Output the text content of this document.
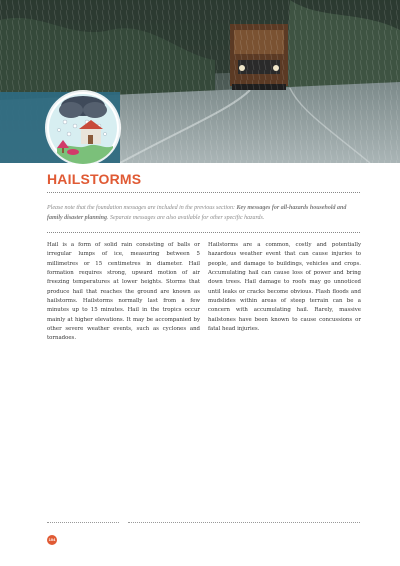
HAILSTORMS

Please note that the foundation messages are included in the previous section: Key messages for all-hazards household and family disaster planning. Separate messages are also available for other specific hazards.

Hail is a form of solid rain consisting of balls or irregular lumps of ice, measuring between 5 millimetres or 15 centimetres in diameter. Hail formation requires strong, upward motion of air freezing temperatures at lower heights. Storms that produce hail that reaches the ground are known as hailstorms. Hailstorms normally last from a few minutes up to 15 minutes. Hail in the tropics occur mainly at higher elevations. It may be accompanied by other severe weather events, such as cyclones and tornadoes.

Hailstorms are a common, costly and potentially hazardous weather event that can cause injuries to people, and damage to buildings, vehicles and crops. Accumulating hail can cause loss of power and bring down trees. Hail damage to roofs may go unnoticed until leaks or cracks become obvious. Flash floods and mudslides within areas of steep terrain can be a concern with accumulating hail. Rarely, massive hailstones have been known to cause concussions or fatal head injuries.

104
